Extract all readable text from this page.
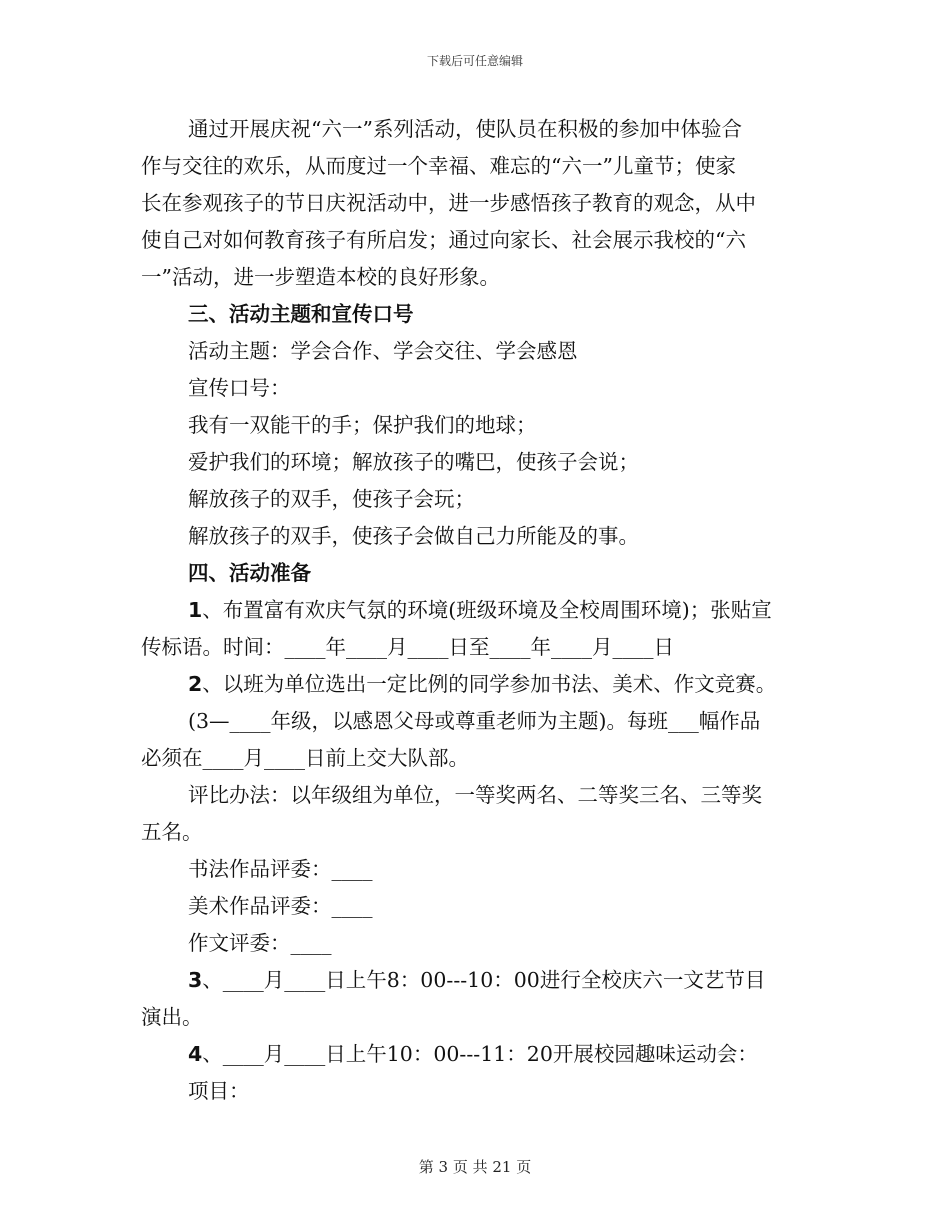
下载后可任意编辑

通过开展庆祝“六一”系列活动，使队员在积极的参加中体验合

作与交往的欢乐，从而度过一个幸福、难忘的“六一”儿童节；使家

长在参观孩子的节日庆祝活动中，进一步感悟孩子教育的观念，从中

使自己对如何教育孩子有所启发；通过向家长、社会展示我校的“六

一”活动，进一步塑造本校的良好形象。

三、活动主题和宣传口号

活动主题：学会合作、学会交往、学会感恩

宣传口号：

我有一双能干的手；保护我们的地球；

爱护我们的环境；解放孩子的嘴巴，使孩子会说；

解放孩子的双手，使孩子会玩；

解放孩子的双手，使孩子会做自己力所能及的事。

四、活动准备

1、布置富有欢庆气氛的环境(班级环境及全校周围环境)；张贴宣

传标语。时间：____年____月____日至____年____月____日

2、以班为单位选出一定比例的同学参加书法、美术、作文竞赛。

(3—____年级，以感恩父母或尊重老师为主题)。每班___幅作品

必须在____月____日前上交大队部。

评比办法：以年级组为单位，一等奖两名、二等奖三名、三等奖

五名。

书法作品评委：____

美术作品评委：____

作文评委：____

3、____月____日上午8：00---10：00进行全校庆六一文艺节目

演出。

4、____月____日上午10：00---11：20开展校园趣味运动会：

项目：

第 3 页 共 21 页
